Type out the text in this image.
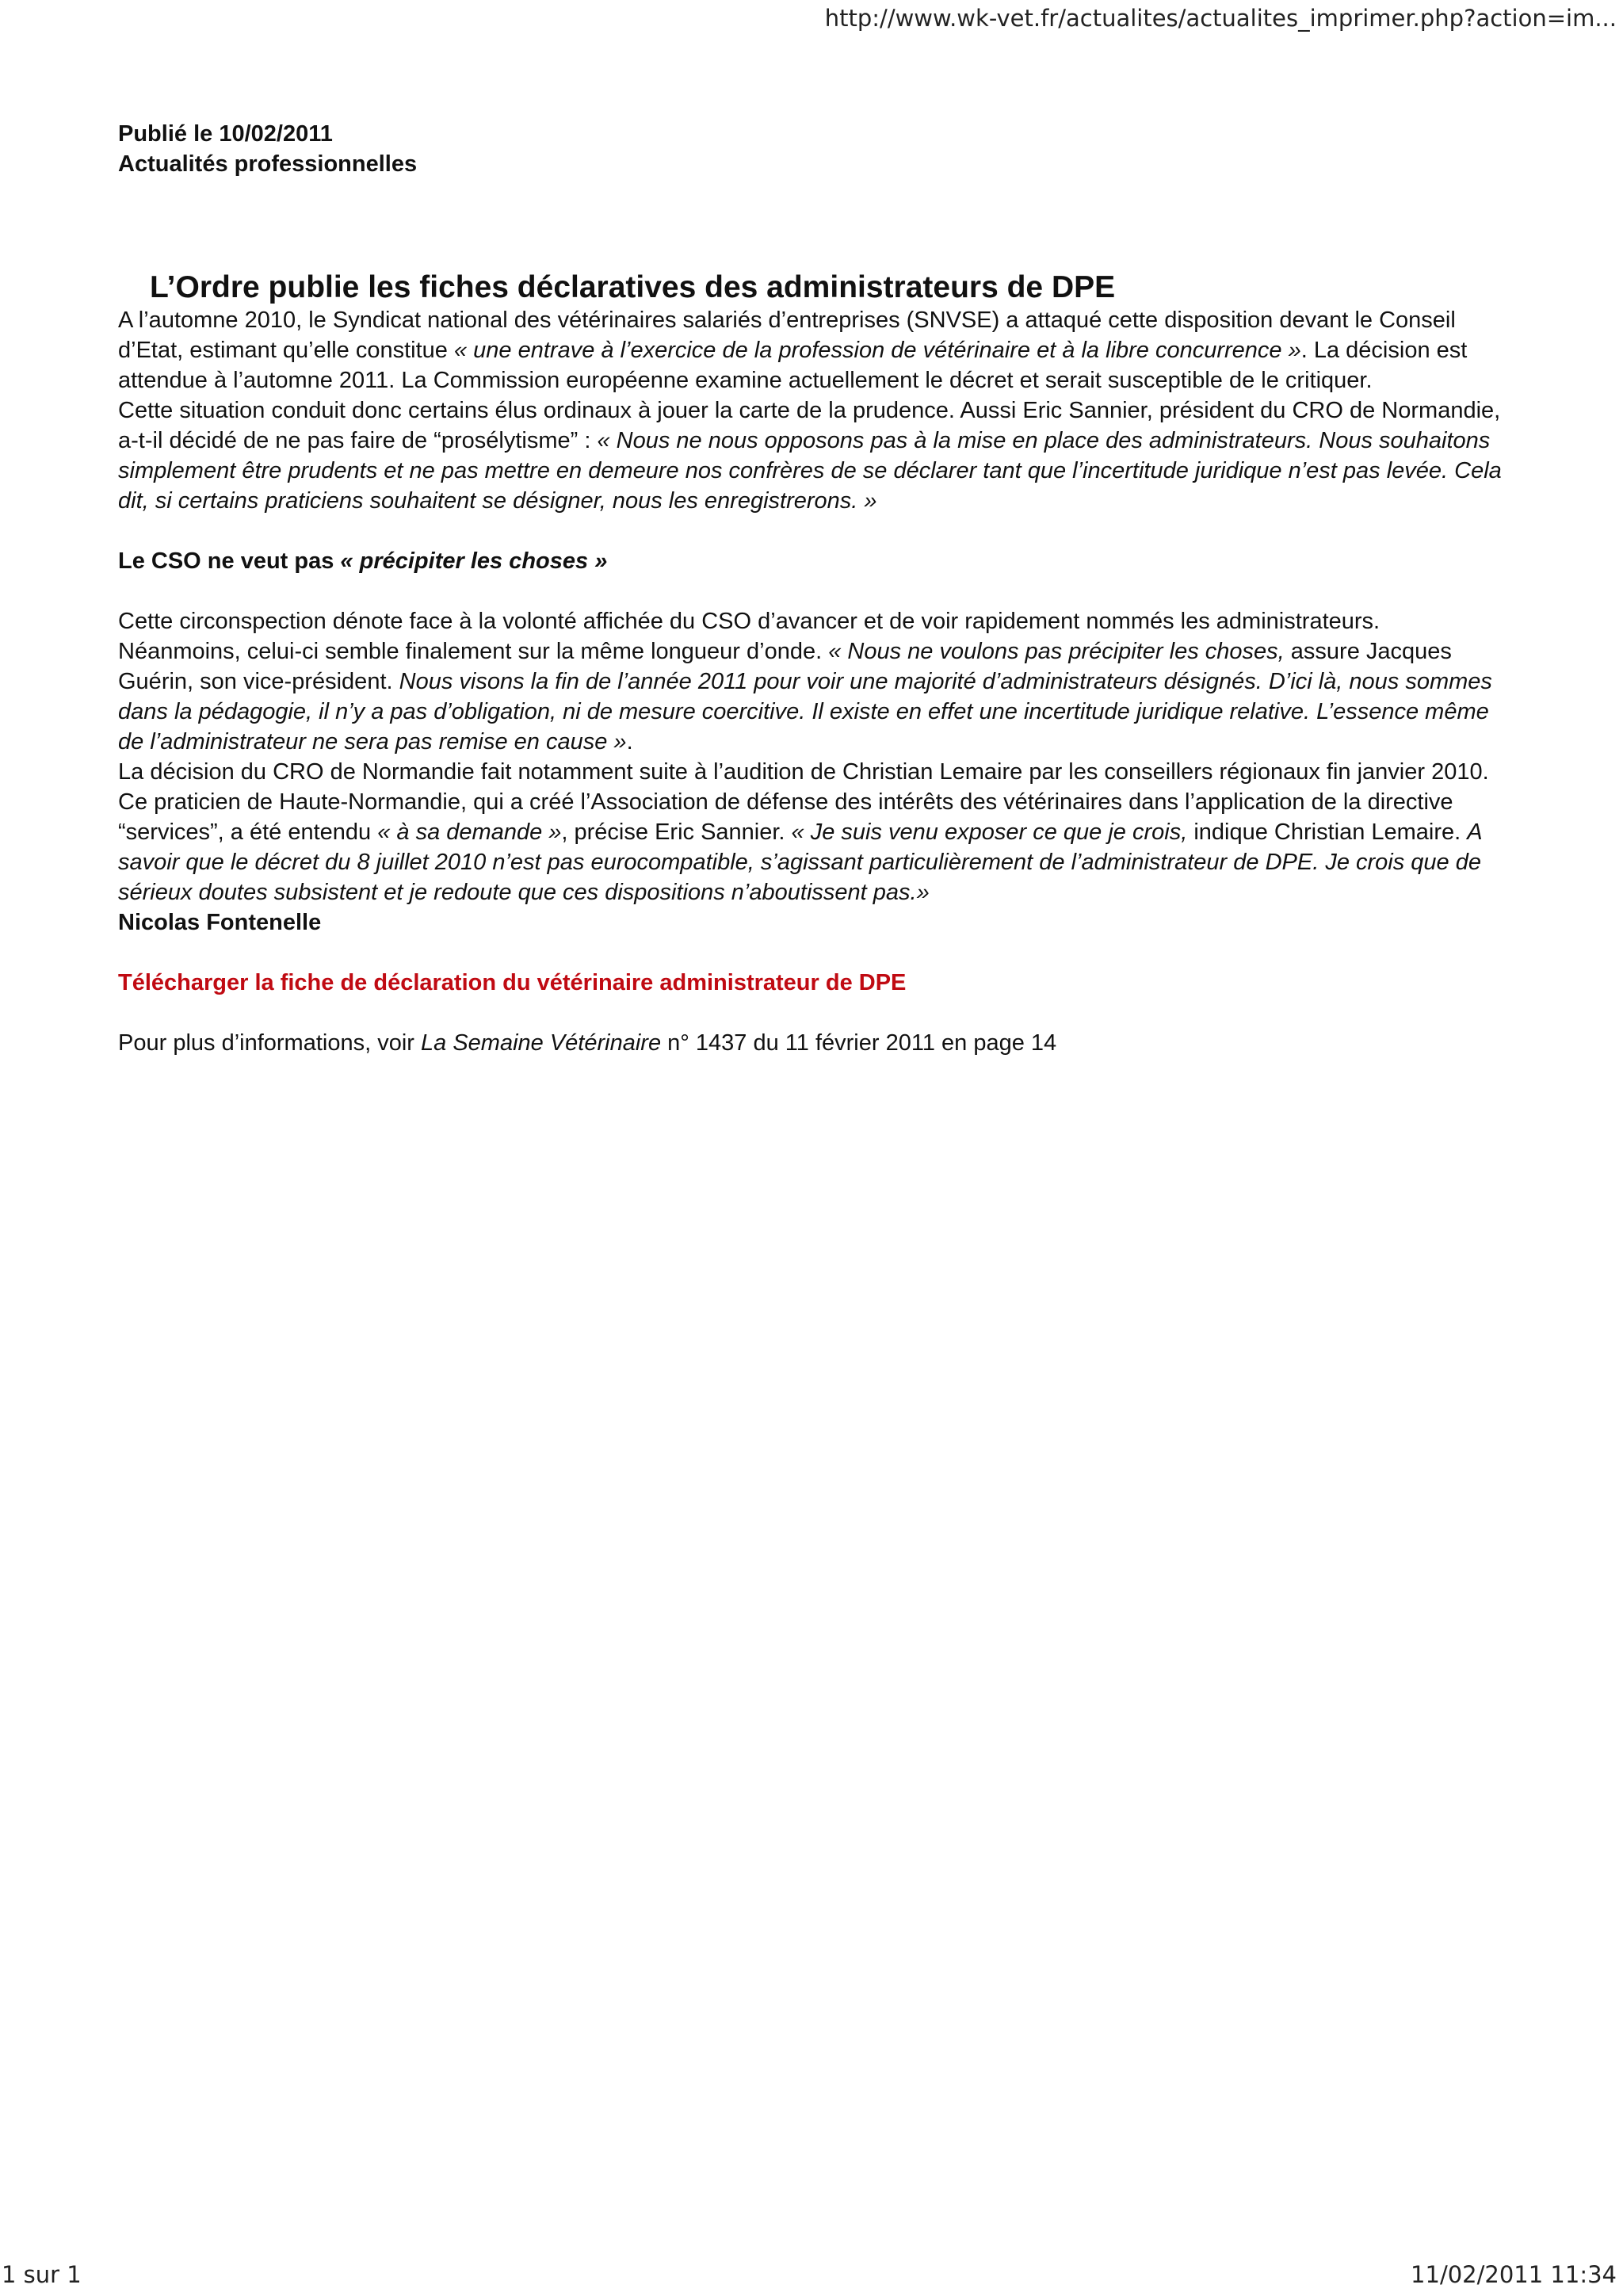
http://www.wk-vet.fr/actualites/actualites_imprimer.php?action=im...
Publié le 10/02/2011
Actualités professionnelles
L’Ordre publie les fiches déclaratives des administrateurs de DPE

A l’automne 2010, le Syndicat national des vétérinaires salariés d’entreprises (SNVSE) a attaqué cette disposition devant le Conseil d’Etat, estimant qu’elle constitue « une entrave à l’exercice de la profession de vétérinaire et à la libre concurrence ». La décision est attendue à l’automne 2011. La Commission européenne examine actuellement le décret et serait susceptible de le critiquer.

Cette situation conduit donc certains élus ordinaux à jouer la carte de la prudence. Aussi Eric Sannier, président du CRO de Normandie, a-t-il décidé de ne pas faire de “prosélytisme” : « Nous ne nous opposons pas à la mise en place des administrateurs. Nous souhaitons simplement être prudents et ne pas mettre en demeure nos confrères de se déclarer tant que l’incertitude juridique n’est pas levée. Cela dit, si certains praticiens souhaitent se désigner, nous les enregistrerons. »

Le CSO ne veut pas « précipiter les choses »

Cette circonspection dénote face à la volonté affichée du CSO d’avancer et de voir rapidement nommés les administrateurs. Néanmoins, celui-ci semble finalement sur la même longueur d’onde. « Nous ne voulons pas précipiter les choses, assure Jacques Guérin, son vice-président. Nous visons la fin de l’année 2011 pour voir une majorité d’administrateurs désignés. D’ici là, nous sommes dans la pédagogie, il n’y a pas d’obligation, ni de mesure coercitive. Il existe en effet une incertitude juridique relative. L’essence même de l’administrateur ne sera pas remise en cause ».

La décision du CRO de Normandie fait notamment suite à l’audition de Christian Lemaire par les conseillers régionaux fin janvier 2010. Ce praticien de Haute-Normandie, qui a créé l’Association de défense des intérêts des vétérinaires dans l’application de la directive “services”, a été entendu « à sa demande », précise Eric Sannier. « Je suis venu exposer ce que je crois, indique Christian Lemaire. A savoir que le décret du 8 juillet 2010 n’est pas eurocompatible, s’agissant particulièrement de l’administrateur de DPE. Je crois que de sérieux doutes subsistent et je redoute que ces dispositions n’aboutissent pas.»

Nicolas Fontenelle

Télécharger la fiche de déclaration du vétérinaire administrateur de DPE

Pour plus d’informations, voir La Semaine Vétérinaire n° 1437 du 11 février 2011 en page 14

1 sur 1	11/02/2011 11:34
